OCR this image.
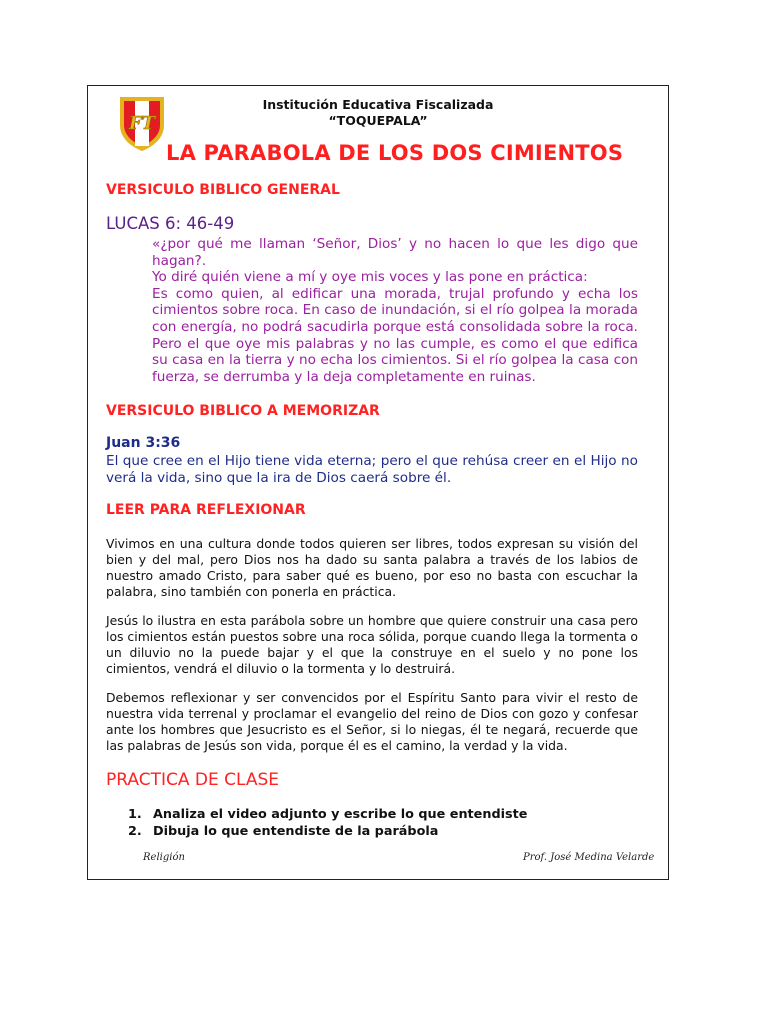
FT
Institución Educativa Fiscalizada
“TOQUEPALA”
LA PARABOLA DE LOS DOS CIMIENTOS
VERSICULO BIBLICO GENERAL
LUCAS 6: 46-49

«¿por qué me llaman ‘Señor, Dios’ y no hacen lo que les digo que hagan?.

Yo diré quién viene a mí y oye mis voces y las pone en práctica:

Es como quien, al edificar una morada, trujal profundo y echa los cimientos sobre roca. En caso de inundación, si el río golpea la morada con energía, no podrá sacudirla porque está consolidada sobre la roca. Pero el que oye mis palabras y no las cumple, es como el que edifica su casa en la tierra y no echa los cimientos. Si el río golpea la casa con fuerza, se derrumba y la deja completamente en ruinas.

VERSICULO BIBLICO A MEMORIZAR
Juan 3:36
El que cree en el Hijo tiene vida eterna; pero el que rehúsa creer en el Hijo no verá la vida, sino que la ira de Dios caerá sobre él.
LEER PARA REFLEXIONAR
Vivimos en una cultura donde todos quieren ser libres, todos expresan su visión del bien y del mal, pero Dios nos ha dado su santa palabra a través de los labios de nuestro amado Cristo, para saber qué es bueno, por eso no basta con escuchar la palabra, sino también con ponerla en práctica.
Jesús lo ilustra en esta parábola sobre un hombre que quiere construir una casa pero los cimientos están puestos sobre una roca sólida, porque cuando llega la tormenta o un diluvio no la puede bajar y el que la construye en el suelo y no pone los cimientos, vendrá el diluvio o la tormenta y lo destruirá.
Debemos reflexionar y ser convencidos por el Espíritu Santo para vivir el resto de nuestra vida terrenal y proclamar el evangelio del reino de Dios con gozo y confesar ante los hombres que Jesucristo es el Señor, si lo niegas, él te negará, recuerde que las palabras de Jesús son vida, porque él es el camino, la verdad y la vida.
PRACTICA DE CLASE
1. Analiza el video adjunto y escribe lo que entendiste
2. Dibuja lo que entendiste de la parábola
Religión	Prof. José Medina Velarde
